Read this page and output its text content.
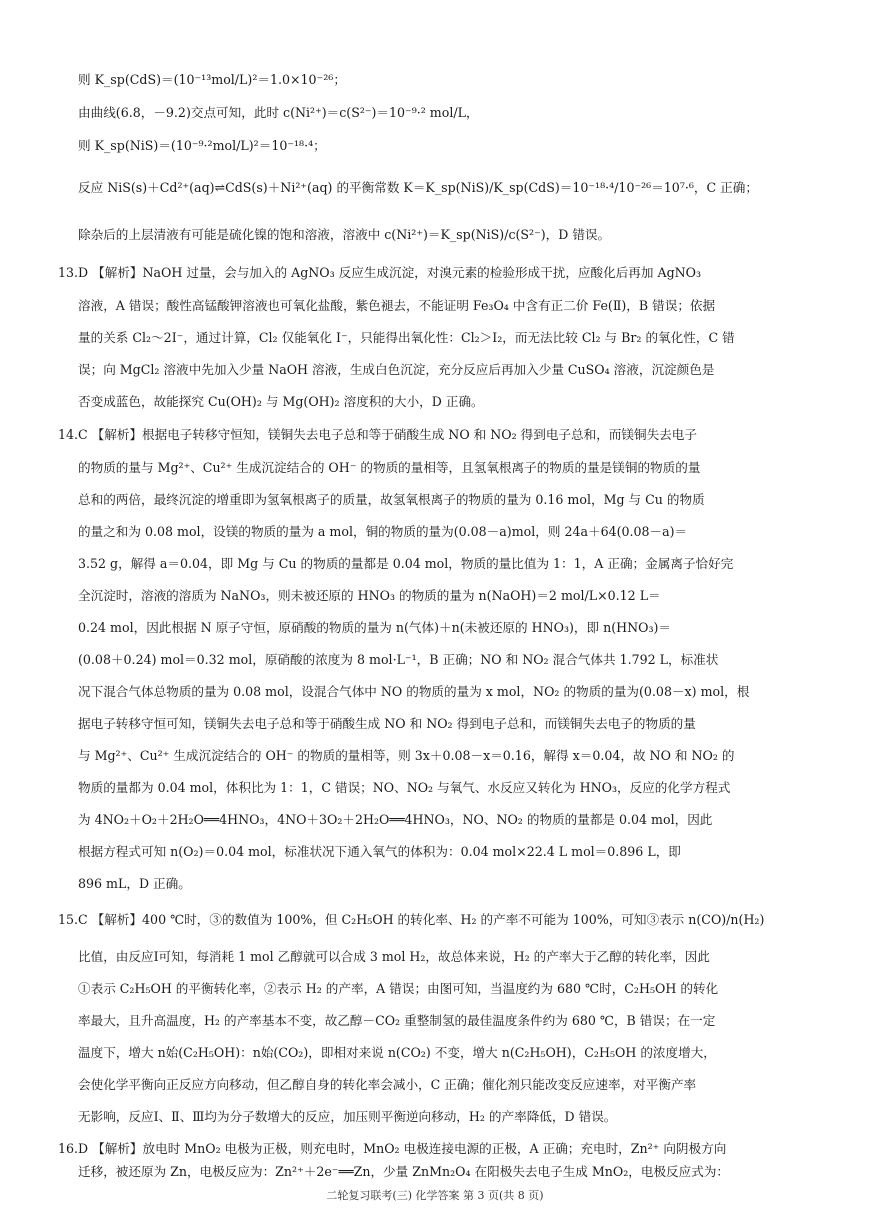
则 K_sp(CdS)＝(10⁻¹³mol/L)²＝1.0×10⁻²⁶；
由曲线(6.8，－9.2)交点可知，此时 c(Ni²⁺)＝c(S²⁻)＝10⁻⁹·² mol/L，
则 K_sp(NiS)＝(10⁻⁹·²mol/L)²＝10⁻¹⁸·⁴；
反应 NiS(s)＋Cd²⁺(aq)⇌CdS(s)＋Ni²⁺(aq) 的平衡常数 K＝K_sp(NiS)/K_sp(CdS)＝10⁻¹⁸·⁴/10⁻²⁶＝10⁷·⁶，C 正确；
除杂后的上层清液有可能是硫化镍的饱和溶液，溶液中 c(Ni²⁺)＝K_sp(NiS)/c(S²⁻)，D 错误。
13.D 【解析】NaOH 过量，会与加入的 AgNO₃ 反应生成沉淀，对溴元素的检验形成干扰，应酸化后再加 AgNO₃
溶液，A 错误；酸性高锰酸钾溶液也可氧化盐酸，紫色褪去，不能证明 Fe₃O₄ 中含有正二价 Fe(Ⅱ)，B 错误；依据
量的关系 Cl₂～2I⁻，通过计算，Cl₂ 仅能氧化 I⁻，只能得出氧化性：Cl₂＞I₂，而无法比较 Cl₂ 与 Br₂ 的氧化性，C 错
误；向 MgCl₂ 溶液中先加入少量 NaOH 溶液，生成白色沉淀，充分反应后再加入少量 CuSO₄ 溶液，沉淀颜色是
否变成蓝色，故能探究 Cu(OH)₂ 与 Mg(OH)₂ 溶度积的大小，D 正确。
14.C 【解析】根据电子转移守恒知，镁铜失去电子总和等于硝酸生成 NO 和 NO₂ 得到电子总和，而镁铜失去电子
的物质的量与 Mg²⁺、Cu²⁺ 生成沉淀结合的 OH⁻ 的物质的量相等，且氢氧根离子的物质的量是镁铜的物质的量
总和的两倍，最终沉淀的增重即为氢氧根离子的质量，故氢氧根离子的物质的量为 0.16 mol，Mg 与 Cu 的物质
的量之和为 0.08 mol，设镁的物质的量为 a mol，铜的物质的量为(0.08－a)mol，则 24a＋64(0.08－a)＝
3.52 g，解得 a＝0.04，即 Mg 与 Cu 的物质的量都是 0.04 mol，物质的量比值为 1：1，A 正确；金属离子恰好完
全沉淀时，溶液的溶质为 NaNO₃，则未被还原的 HNO₃ 的物质的量为 n(NaOH)＝2 mol/L×0.12 L＝
0.24 mol，因此根据 N 原子守恒，原硝酸的物质的量为 n(气体)＋n(未被还原的 HNO₃)，即 n(HNO₃)＝
(0.08＋0.24) mol＝0.32 mol，原硝酸的浓度为 8 mol·L⁻¹，B 正确；NO 和 NO₂ 混合气体共 1.792 L，标准状
况下混合气体总物质的量为 0.08 mol，设混合气体中 NO 的物质的量为 x mol，NO₂ 的物质的量为(0.08－x) mol，根
据电子转移守恒可知，镁铜失去电子总和等于硝酸生成 NO 和 NO₂ 得到电子总和，而镁铜失去电子的物质的量
与 Mg²⁺、Cu²⁺ 生成沉淀结合的 OH⁻ 的物质的量相等，则 3x＋0.08－x＝0.16，解得 x＝0.04，故 NO 和 NO₂ 的
物质的量都为 0.04 mol，体积比为 1：1，C 错误；NO、NO₂ 与氧气、水反应又转化为 HNO₃，反应的化学方程式
为 4NO₂＋O₂＋2H₂O══4HNO₃，4NO＋3O₂＋2H₂O══4HNO₃，NO、NO₂ 的物质的量都是 0.04 mol，因此
根据方程式可知 n(O₂)＝0.04 mol，标准状况下通入氧气的体积为：0.04 mol×22.4 L mol＝0.896 L，即
896 mL，D 正确。
15.C 【解析】400 ℃时，③的数值为 100%，但 C₂H₅OH 的转化率、H₂ 的产率不可能为 100%，可知③表示 n(CO)/n(H₂)
比值，由反应Ⅰ可知，每消耗 1 mol 乙醇就可以合成 3 mol H₂，故总体来说，H₂ 的产率大于乙醇的转化率，因此
①表示 C₂H₅OH 的平衡转化率，②表示 H₂ 的产率，A 错误；由图可知，当温度约为 680 ℃时，C₂H₅OH 的转化
率最大，且升高温度，H₂ 的产率基本不变，故乙醇－CO₂ 重整制氢的最佳温度条件约为 680 ℃，B 错误；在一定
温度下，增大 n始(C₂H₅OH)：n始(CO₂)，即相对来说 n(CO₂) 不变，增大 n(C₂H₅OH)，C₂H₅OH 的浓度增大，
会使化学平衡向正反应方向移动，但乙醇自身的转化率会减小，C 正确；催化剂只能改变反应速率，对平衡产率
无影响，反应Ⅰ、Ⅱ、Ⅲ均为分子数增大的反应，加压则平衡逆向移动，H₂ 的产率降低，D 错误。
16.D 【解析】放电时 MnO₂ 电极为正极，则充电时，MnO₂ 电极连接电源的正极，A 正确；充电时，Zn²⁺ 向阴极方向
迁移，被还原为 Zn，电极反应为：Zn²⁺＋2e⁻══Zn，少量 ZnMn₂O₄ 在阳极失去电子生成 MnO₂，电极反应式为：
二轮复习联考(三) 化学答案 第 3 页(共 8 页)
